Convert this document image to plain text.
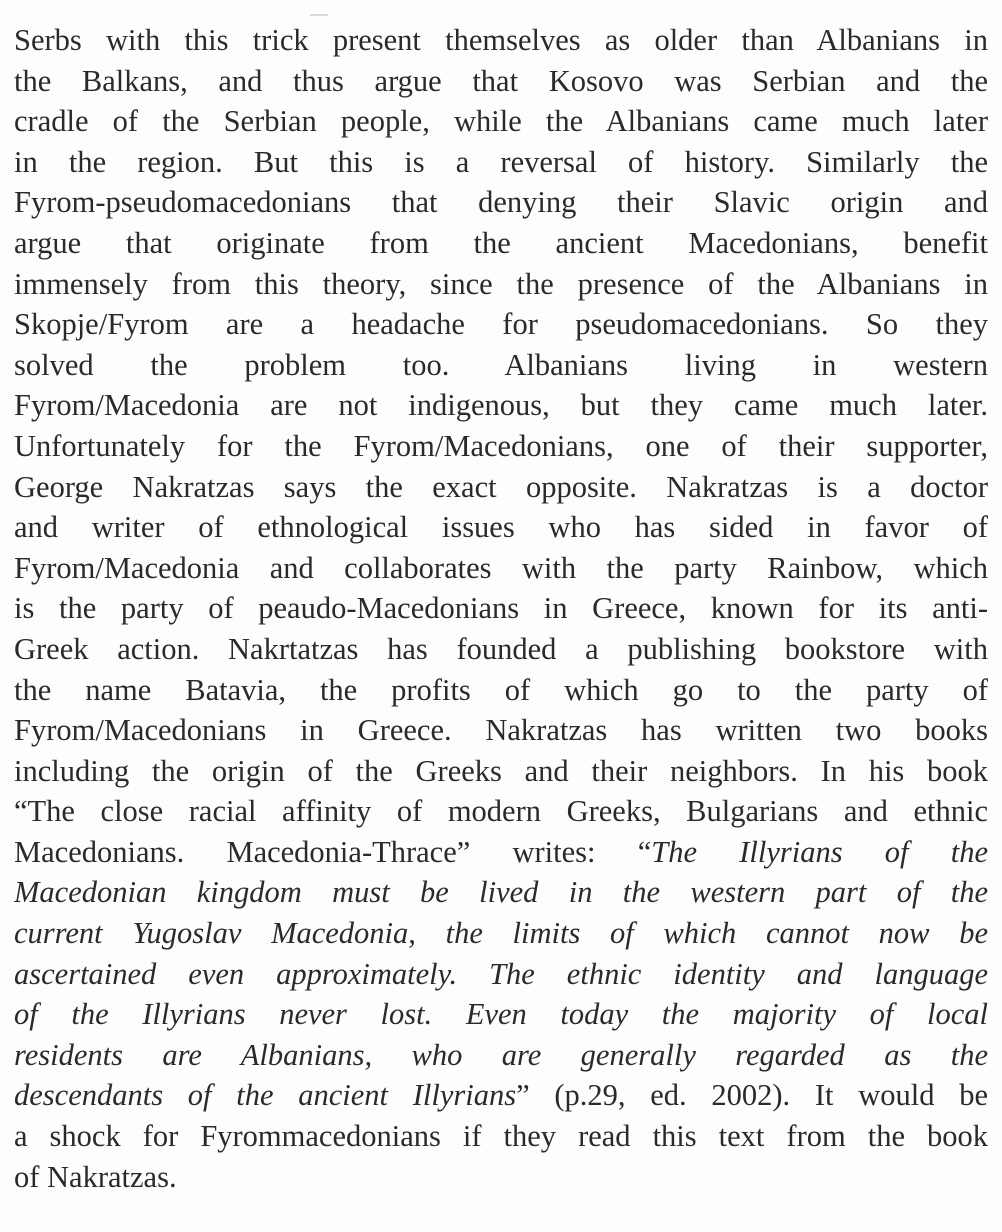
Serbs with this trick present themselves as older than Albanians in
the Balkans, and thus argue that Kosovo was Serbian and the
cradle of the Serbian people, while the Albanians came much later
in the region. But this is a reversal of history. Similarly the
Fyrom-pseudomacedonians that denying their Slavic origin and
argue that originate from the ancient Macedonians, benefit
immensely from this theory, since the presence of the Albanians in
Skopje/Fyrom are a headache for pseudomacedonians. So they
solved the problem too. Albanians living in western
Fyrom/Macedonia are not indigenous, but they came much later.
Unfortunately for the Fyrom/Macedonians, one of their supporter,
George Nakratzas says the exact opposite. Nakratzas is a doctor
and writer of ethnological issues who has sided in favor of
Fyrom/Macedonia and collaborates with the party Rainbow, which
is the party of peaudo-Macedonians in Greece, known for its anti-
Greek action. Nakrtatzas has founded a publishing bookstore with
the name Batavia, the profits of which go to the party of
Fyrom/Macedonians in Greece. Nakratzas has written two books
including the origin of the Greeks and their neighbors. In his book
“The close racial affinity of modern Greeks, Bulgarians and ethnic
Macedonians. Macedonia-Thrace” writes: “The Illyrians of the
Macedonian kingdom must be lived in the western part of the
current Yugoslav Macedonia, the limits of which cannot now be
ascertained even approximately. The ethnic identity and language
of the Illyrians never lost. Even today the majority of local
residents are Albanians, who are generally regarded as the
descendants of the ancient Illyrians” (p.29, ed. 2002). It would be
a shock for Fyrommacedonians if they read this text from the book
of Nakratzas.
